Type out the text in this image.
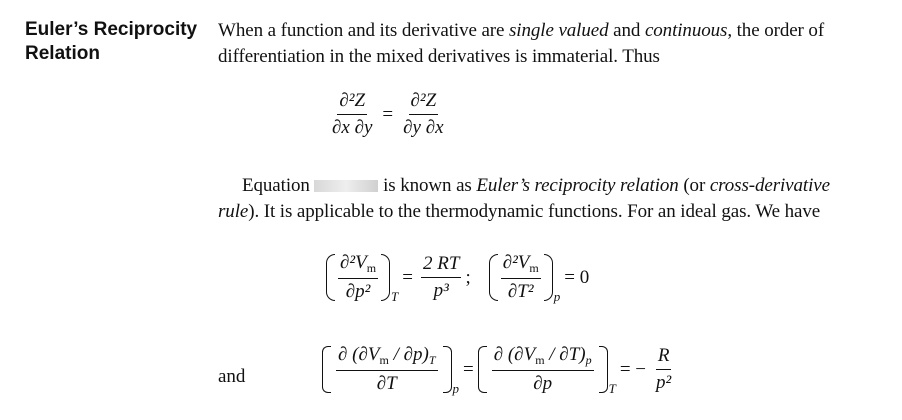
Euler’s Reciprocity
Relation
When a function and its derivative are single valued and continuous, the order of differentiation in the mixed derivatives is immaterial. Thus
$\frac{\text{∂²Z}}{\partial x \partial y} = \frac{\text{∂²Z}}{\partial y \partial x}$
Equation	is known as Euler’s reciprocity relation (or cross-derivative rule). It is applicable to the thermodynamic functions. For an ideal gas. We have
$\frac{\partial^2V_m}{\text{∂p²}}$ T
= $\frac{2 RT}{\text{p³}}$ ; $\frac{\partial^2V_m}{\text{∂T²}}$ p
= 0
and	$\frac{\partial (\partial V_m / \partial p)_T}{\partial T}$ p
= $\frac{\partial (\partial V_m / \partial T)_p}{\partial p}$ T
= − $\frac{R}{\text{p²}}$
